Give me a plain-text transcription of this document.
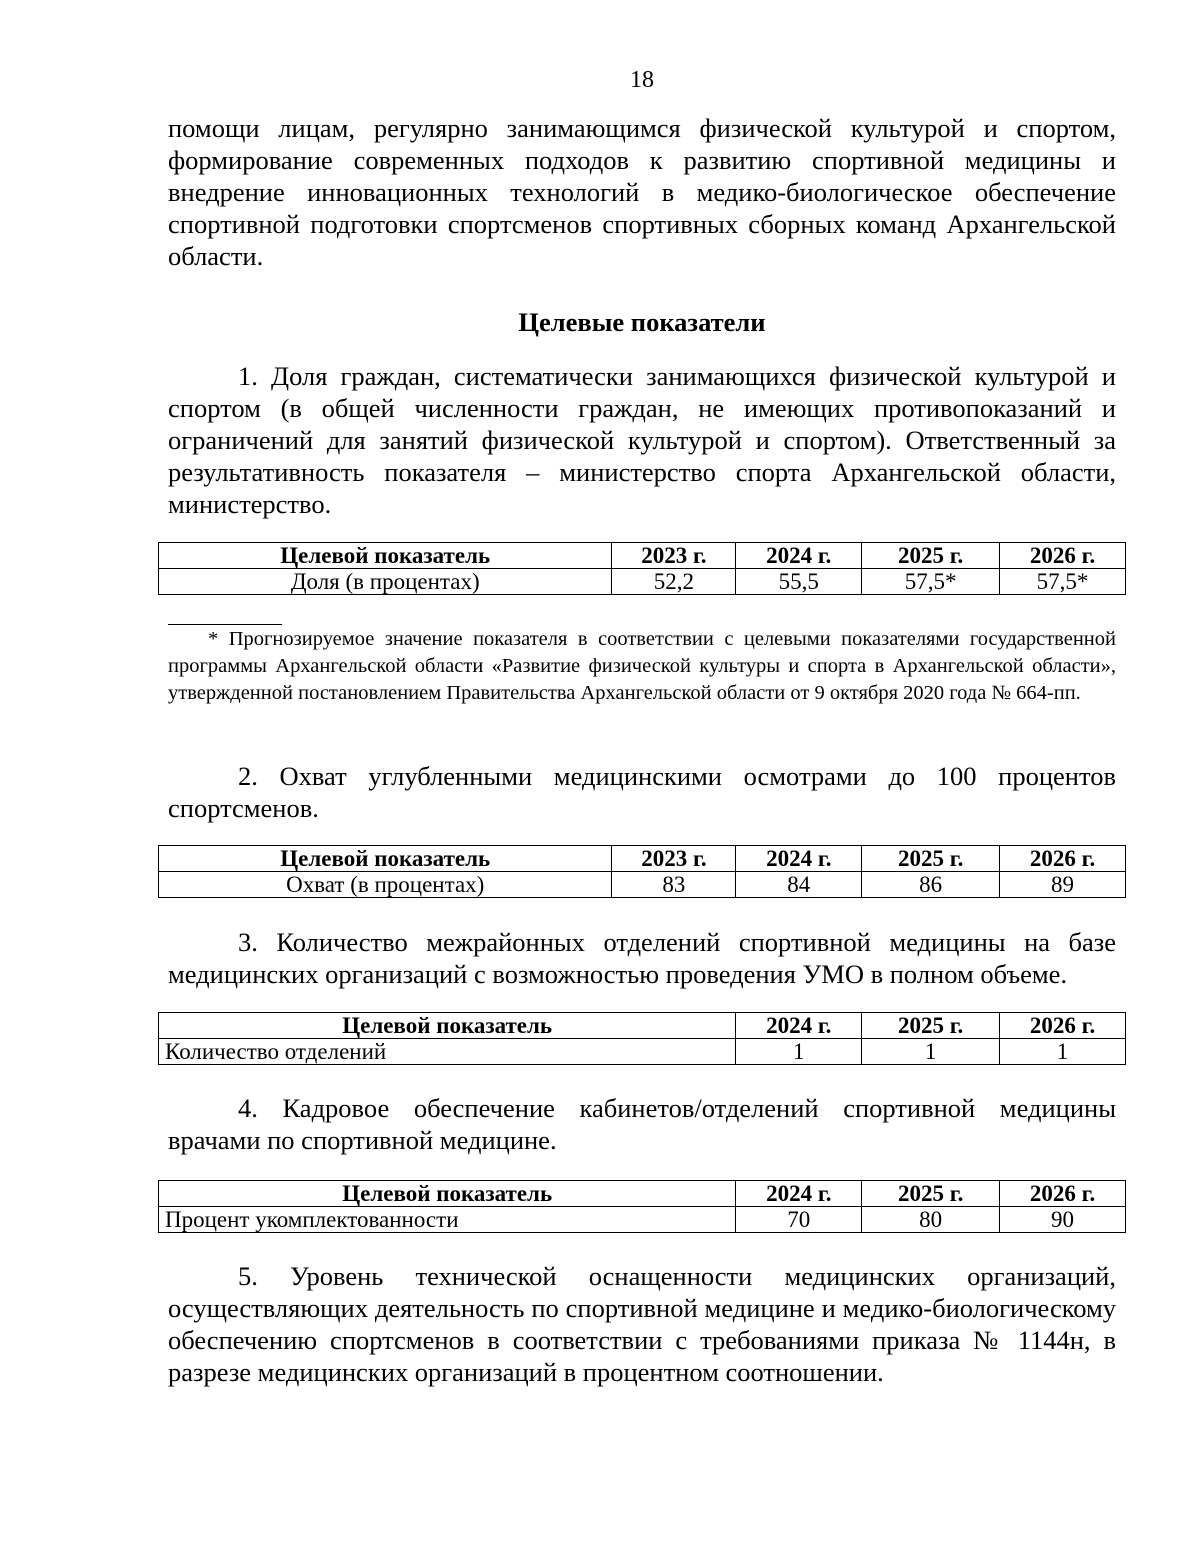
18

помощи лицам, регулярно занимающимся физической культурой и спортом, формирование современных подходов к развитию спортивной медицины и внедрение инновационных технологий в медико-биологическое обеспечение спортивной подготовки спортсменов спортивных сборных команд Архангельской области.

Целевые показатели

1. Доля граждан, систематически занимающихся физической культурой и спортом (в общей численности граждан, не имеющих противопоказаний и ограничений для занятий физической культурой и спортом). Ответственный за результативность показателя – министерство спорта Архангельской области, министерство.

Целевой показатель	2023 г.	2024 г.	2025 г.	2026 г.
Доля (в процентах)	52,2	55,5	57,5*	57,5*

* Прогнозируемое значение показателя в соответствии с целевыми показателями государственной программы Архангельской области «Развитие физической культуры и спорта в Архангельской области», утвержденной постановлением Правительства Архангельской области от 9 октября 2020 года № 664-пп.

2. Охват углубленными медицинскими осмотрами до 100 процентов спортсменов.

Целевой показатель	2023 г.	2024 г.	2025 г.	2026 г.
Охват (в процентах)	83	84	86	89

3. Количество межрайонных отделений спортивной медицины на базе медицинских организаций с возможностью проведения УМО в полном объеме.

Целевой показатель	2024 г.	2025 г.	2026 г.
Количество отделений	1	1	1

4. Кадровое обеспечение кабинетов/отделений спортивной медицины врачами по спортивной медицине.

Целевой показатель	2024 г.	2025 г.	2026 г.
Процент укомплектованности	70	80	90

5. Уровень технической оснащенности медицинских организаций, осуществляющих деятельность по спортивной медицине и медико-биологическому обеспечению спортсменов в соответствии с требованиями приказа № 1144н, в разрезе медицинских организаций в процентном соотношении.
